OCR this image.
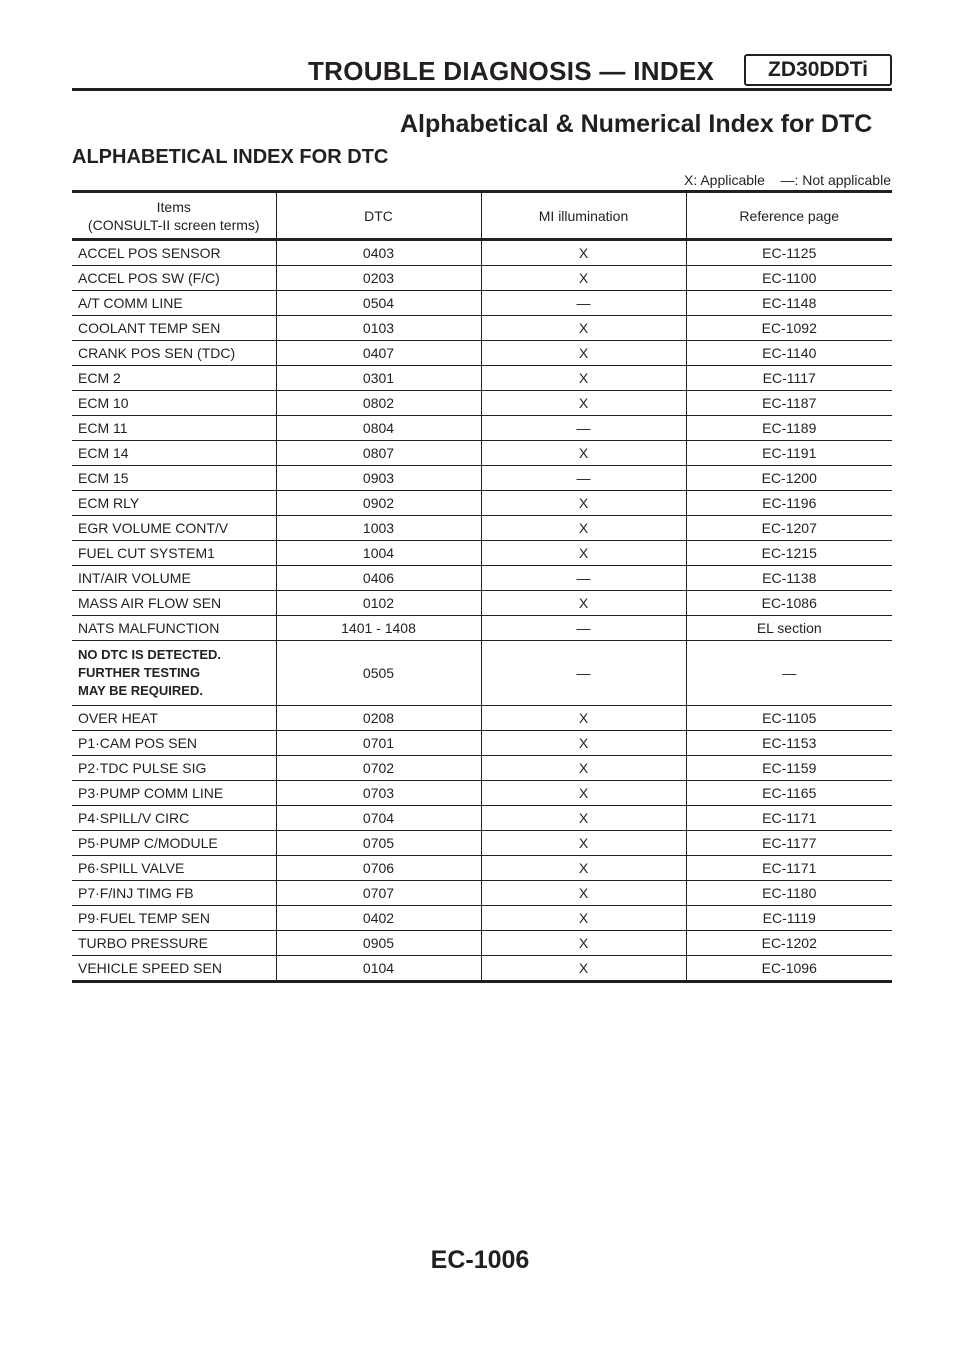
TROUBLE DIAGNOSIS — INDEX	ZD30DDTi
Alphabetical & Numerical Index for DTC
ALPHABETICAL INDEX FOR DTC
X: Applicable    —: Not applicable
Items
(CONSULT-II screen terms)	DTC	MI illumination	Reference page
ACCEL POS SENSOR	0403	X	EC-1125
ACCEL POS SW (F/C)	0203	X	EC-1100
A/T COMM LINE	0504	—	EC-1148
COOLANT TEMP SEN	0103	X	EC-1092
CRANK POS SEN (TDC)	0407	X	EC-1140
ECM 2	0301	X	EC-1117
ECM 10	0802	X	EC-1187
ECM 11	0804	—	EC-1189
ECM 14	0807	X	EC-1191
ECM 15	0903	—	EC-1200
ECM RLY	0902	X	EC-1196
EGR VOLUME CONT/V	1003	X	EC-1207
FUEL CUT SYSTEM1	1004	X	EC-1215
INT/AIR VOLUME	0406	—	EC-1138
MASS AIR FLOW SEN	0102	X	EC-1086
NATS MALFUNCTION	1401 - 1408	—	EL section
NO DTC IS DETECTED.
FURTHER TESTING
MAY BE REQUIRED.	0505	—	—
OVER HEAT	0208	X	EC-1105
P1·CAM POS SEN	0701	X	EC-1153
P2·TDC PULSE SIG	0702	X	EC-1159
P3·PUMP COMM LINE	0703	X	EC-1165
P4·SPILL/V CIRC	0704	X	EC-1171
P5·PUMP C/MODULE	0705	X	EC-1177
P6·SPILL VALVE	0706	X	EC-1171
P7·F/INJ TIMG FB	0707	X	EC-1180
P9·FUEL TEMP SEN	0402	X	EC-1119
TURBO PRESSURE	0905	X	EC-1202
VEHICLE SPEED SEN	0104	X	EC-1096
EC-1006
